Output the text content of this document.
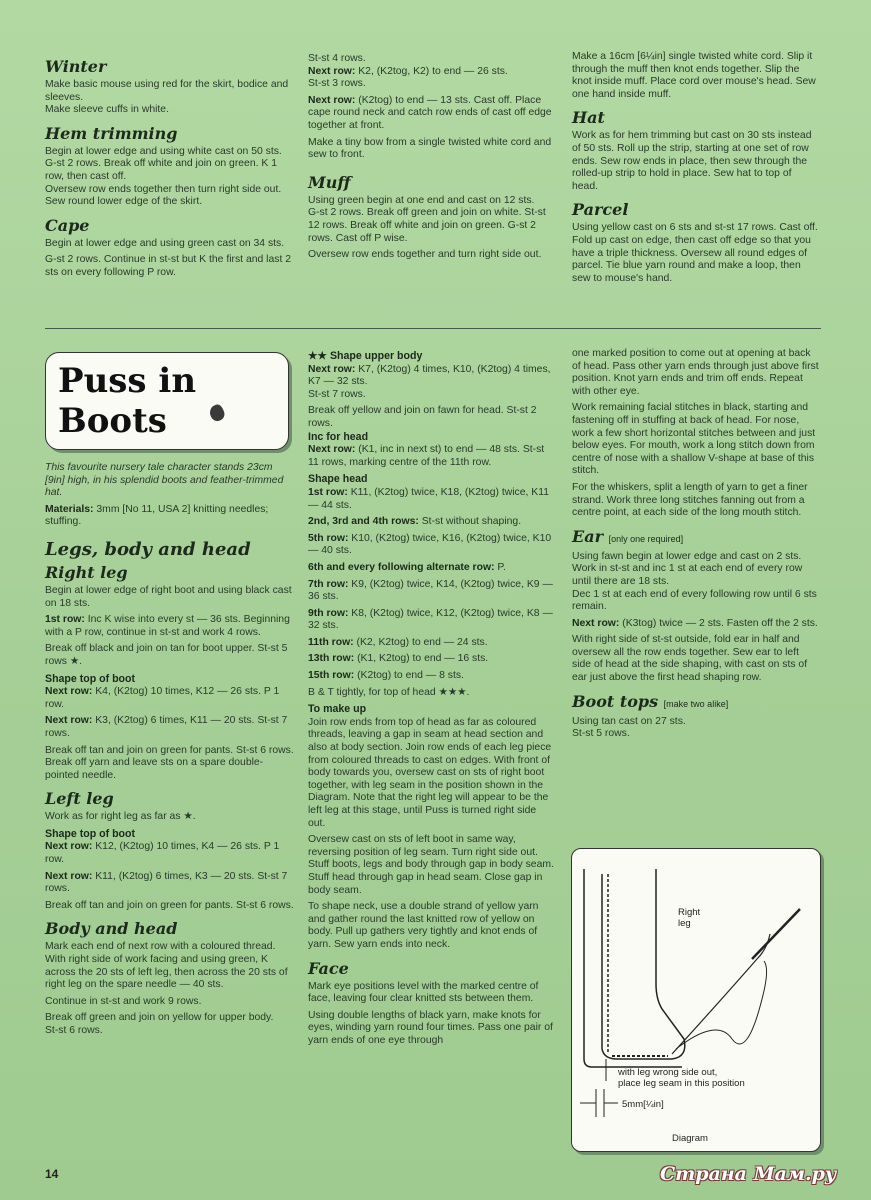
Winter

Make basic mouse using red for the skirt, bodice and sleeves.
Make sleeve cuffs in white.

Hem trimming

Begin at lower edge and using white cast on 50 sts.
G-st 2 rows. Break off white and join on green. K 1 row, then cast off.
Oversew row ends together then turn right side out. Sew round lower edge of the skirt.

Cape

Begin at lower edge and using green cast on 34 sts.

G-st 2 rows. Continue in st-st but K the first and last 2 sts on every following P row.

St-st 4 rows.

Next row: K2, (K2tog, K2) to end — 26 sts.

St-st 3 rows.

Next row: (K2tog) to end — 13 sts. Cast off. Place cape round neck and catch row ends of cast off edge together at front.

Make a tiny bow from a single twisted white cord and sew to front.

Muff

Using green begin at one end and cast on 12 sts.
G-st 2 rows. Break off green and join on white. St-st 12 rows. Break off white and join on green. G-st 2 rows. Cast off P wise.

Oversew row ends together and turn right side out.

Make a 16cm [6¼in] single twisted white cord. Slip it through the muff then knot ends together. Slip the knot inside muff. Place cord over mouse's head. Sew one hand inside muff.

Hat

Work as for hem trimming but cast on 30 sts instead of 50 sts. Roll up the strip, starting at one set of row ends. Sew row ends in place, then sew through the rolled-up strip to hold in place. Sew hat to top of head.

Parcel

Using yellow cast on 6 sts and st-st 17 rows. Cast off. Fold up cast on edge, then cast off edge so that you have a triple thickness. Oversew all round edges of parcel. Tie blue yarn round and make a loop, then sew to mouse's hand.

Puss in
Boots

This favourite nursery tale character stands 23cm [9in] high, in his splendid boots and feather-trimmed hat.

Materials: 3mm [No 11, USA 2] knitting needles; stuffing.

Legs, body and head
Right leg

Begin at lower edge of right boot and using black cast on 18 sts.

1st row: Inc K wise into every st — 36 sts. Beginning with a P row, continue in st-st and work 4 rows.

Break off black and join on tan for boot upper. St-st 5 rows ★.

Shape top of boot

Next row: K4, (K2tog) 10 times, K12 — 26 sts. P 1 row.

Next row: K3, (K2tog) 6 times, K11 — 20 sts. St-st 7 rows.

Break off tan and join on green for pants. St-st 6 rows.
Break off yarn and leave sts on a spare double-pointed needle.

Left leg

Work as for right leg as far as ★.

Shape top of boot

Next row: K12, (K2tog) 10 times, K4 — 26 sts. P 1 row.

Next row: K11, (K2tog) 6 times, K3 — 20 sts. St-st 7 rows.

Break off tan and join on green for pants. St-st 6 rows.

Body and head

Mark each end of next row with a coloured thread. With right side of work facing and using green, K across the 20 sts of left leg, then across the 20 sts of right leg on the spare needle — 40 sts.

Continue in st-st and work 9 rows.

Break off green and join on yellow for upper body.
St-st 6 rows.

★★ Shape upper body

Next row: K7, (K2tog) 4 times, K10, (K2tog) 4 times, K7 — 32 sts.
St-st 7 rows.

Break off yellow and join on fawn for head. St-st 2 rows.

Inc for head

Next row: (K1, inc in next st) to end — 48 sts. St-st 11 rows, marking centre of the 11th row.

Shape head

1st row: K11, (K2tog) twice, K18, (K2tog) twice, K11 — 44 sts.

2nd, 3rd and 4th rows: St-st without shaping.

5th row: K10, (K2tog) twice, K16, (K2tog) twice, K10 — 40 sts.

6th and every following alternate row: P.

7th row: K9, (K2tog) twice, K14, (K2tog) twice, K9 — 36 sts.

9th row: K8, (K2tog) twice, K12, (K2tog) twice, K8 — 32 sts.

11th row: (K2, K2tog) to end — 24 sts.

13th row: (K1, K2tog) to end — 16 sts.

15th row: (K2tog) to end — 8 sts.

B & T tightly, for top of head ★★★.

To make up

Join row ends from top of head as far as coloured threads, leaving a gap in seam at head section and also at body section. Join row ends of each leg piece from coloured threads to cast on edges. With front of body towards you, oversew cast on sts of right boot together, with leg seam in the position shown in the Diagram. Note that the right leg will appear to be the left leg at this stage, until Puss is turned right side out.

Oversew cast on sts of left boot in same way, reversing position of leg seam. Turn right side out. Stuff boots, legs and body through gap in body seam. Stuff head through gap in head seam. Close gap in body seam.

To shape neck, use a double strand of yellow yarn and gather round the last knitted row of yellow on body. Pull up gathers very tightly and knot ends of yarn. Sew yarn ends into neck.

Face

Mark eye positions level with the marked centre of face, leaving four clear knitted sts between them.

Using double lengths of black yarn, make knots for eyes, winding yarn round four times. Pass one pair of yarn ends of one eye through

one marked position to come out at opening at back of head. Pass other yarn ends through just above first position. Knot yarn ends and trim off ends. Repeat with other eye.

Work remaining facial stitches in black, starting and fastening off in stuffing at back of head. For nose, work a few short horizontal stitches between and just below eyes. For mouth, work a long stitch down from centre of nose with a shallow V-shape at base of this stitch.

For the whiskers, split a length of yarn to get a finer strand. Work three long stitches fanning out from a centre point, at each side of the long mouth stitch.

Ear [only one required]

Using fawn begin at lower edge and cast on 2 sts.
Work in st-st and inc 1 st at each end of every row until there are 18 sts.
Dec 1 st at each end of every following row until 6 sts remain.

Next row: (K3tog) twice — 2 sts. Fasten off the 2 sts.

With right side of st-st outside, fold ear in half and oversew all the row ends together. Sew ear to left side of head at the side shaping, with cast on sts of ear just above the first head shaping row.

Boot tops [make two alike]

Using tan cast on 27 sts.
St-st 5 rows.

Right
leg
with leg wrong side out,
place leg seam in this position
5mm[¼in]
Diagram
14	Страна Мам.ру
